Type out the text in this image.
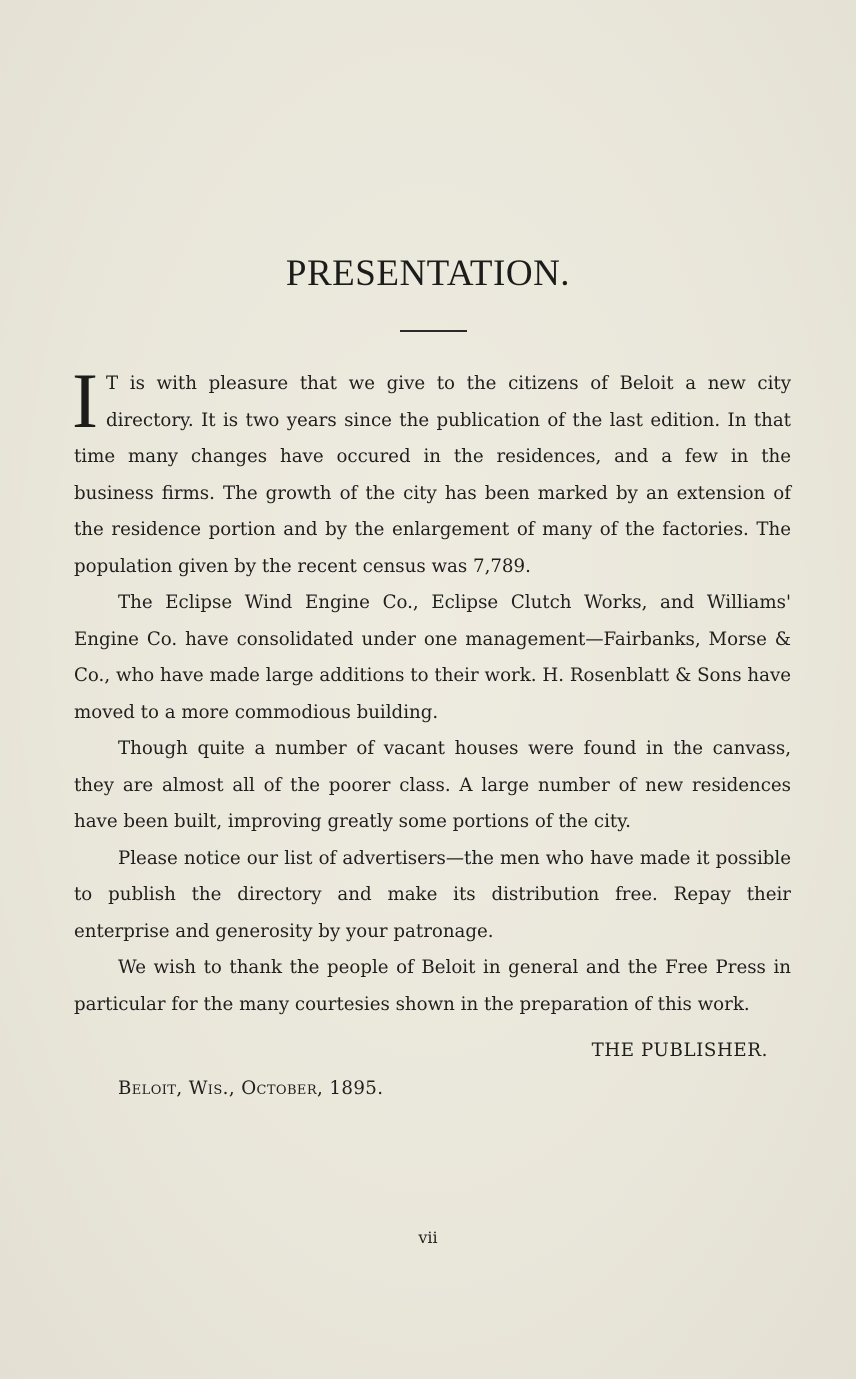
PRESENTATION.

I T is with pleasure that we give to the citizens of Beloit a new city directory. It is two years since the publication of the last edition. In that time many changes have occured in the residences, and a few in the business firms. The growth of the city has been marked by an extension of the residence portion and by the enlargement of many of the factories. The population given by the recent census was 7,789.

The Eclipse Wind Engine Co., Eclipse Clutch Works, and Williams' Engine Co. have consolidated under one management—Fairbanks, Morse & Co., who have made large additions to their work. H. Rosenblatt & Sons have moved to a more commodious building.

Though quite a number of vacant houses were found in the canvass, they are almost all of the poorer class. A large number of new residences have been built, improving greatly some portions of the city.

Please notice our list of advertisers—the men who have made it possible to publish the directory and make its distribution free. Repay their enterprise and generosity by your patronage.

We wish to thank the people of Beloit in general and the Free Press in particular for the many courtesies shown in the preparation of this work.

THE PUBLISHER.
Beloit, Wis., October, 1895.
vii
